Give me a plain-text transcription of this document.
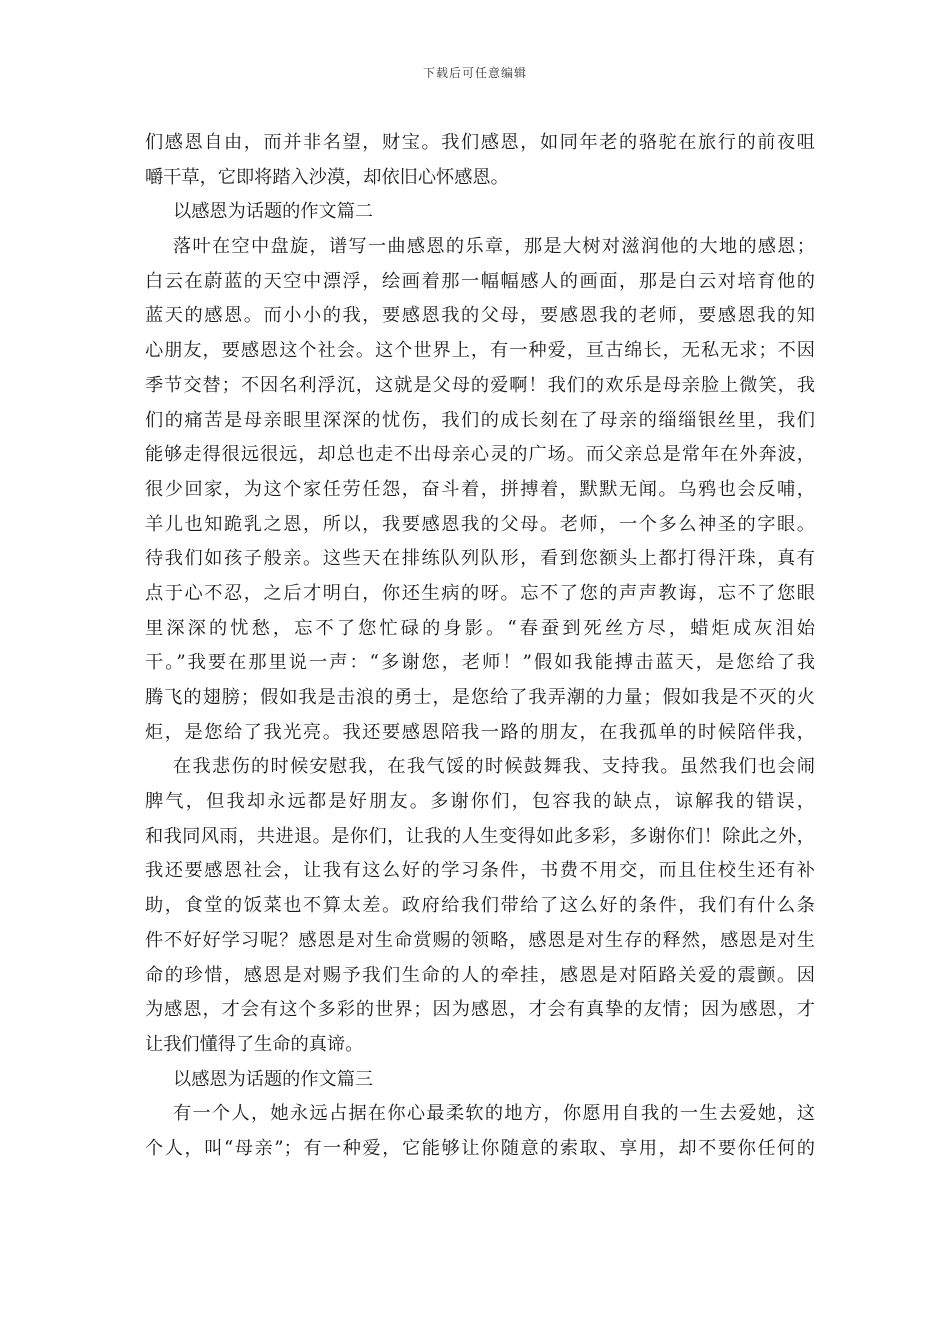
下载后可任意编辑
们感恩自由，而并非名望，财宝。我们感恩，如同年老的骆驼在旅行的前夜咀
嚼干草，它即将踏入沙漠，却依旧心怀感恩。
以感恩为话题的作文篇二
落叶在空中盘旋，谱写一曲感恩的乐章，那是大树对滋润他的大地的感恩；
白云在蔚蓝的天空中漂浮，绘画着那一幅幅感人的画面，那是白云对培育他的
蓝天的感恩。而小小的我，要感恩我的父母，要感恩我的老师，要感恩我的知
心朋友，要感恩这个社会。这个世界上，有一种爱，亘古绵长，无私无求；不因
季节交替；不因名利浮沉，这就是父母的爱啊！我们的欢乐是母亲脸上微笑，我
们的痛苦是母亲眼里深深的忧伤，我们的成长刻在了母亲的缁缁银丝里，我们
能够走得很远很远，却总也走不出母亲心灵的广场。而父亲总是常年在外奔波，
很少回家，为这个家任劳任怨，奋斗着，拼搏着，默默无闻。乌鸦也会反哺，
羊儿也知跪乳之恩，所以，我要感恩我的父母。老师，一个多么神圣的字眼。
待我们如孩子般亲。这些天在排练队列队形，看到您额头上都打得汗珠，真有
点于心不忍，之后才明白，你还生病的呀。忘不了您的声声教诲，忘不了您眼
里深深的忧愁，忘不了您忙碌的身影。“春蚕到死丝方尽，蜡炬成灰泪始
干。”我要在那里说一声：“多谢您，老师！”假如我能搏击蓝天，是您给了我
腾飞的翅膀；假如我是击浪的勇士，是您给了我弄潮的力量；假如我是不灭的火
炬，是您给了我光亮。我还要感恩陪我一路的朋友，在我孤单的时候陪伴我，
在我悲伤的时候安慰我，在我气馁的时候鼓舞我、支持我。虽然我们也会闹
脾气，但我却永远都是好朋友。多谢你们，包容我的缺点，谅解我的错误，
和我同风雨，共进退。是你们，让我的人生变得如此多彩，多谢你们！除此之外，
我还要感恩社会，让我有这么好的学习条件，书费不用交，而且住校生还有补
助，食堂的饭菜也不算太差。政府给我们带给了这么好的条件，我们有什么条
件不好好学习呢？感恩是对生命赏赐的领略，感恩是对生存的释然，感恩是对生
命的珍惜，感恩是对赐予我们生命的人的牵挂，感恩是对陌路关爱的震颤。因
为感恩，才会有这个多彩的世界；因为感恩，才会有真挚的友情；因为感恩，才
让我们懂得了生命的真谛。
以感恩为话题的作文篇三
有一个人，她永远占据在你心最柔软的地方，你愿用自我的一生去爱她，这
个人，叫“母亲”；有一种爱，它能够让你随意的索取、享用，却不要你任何的
